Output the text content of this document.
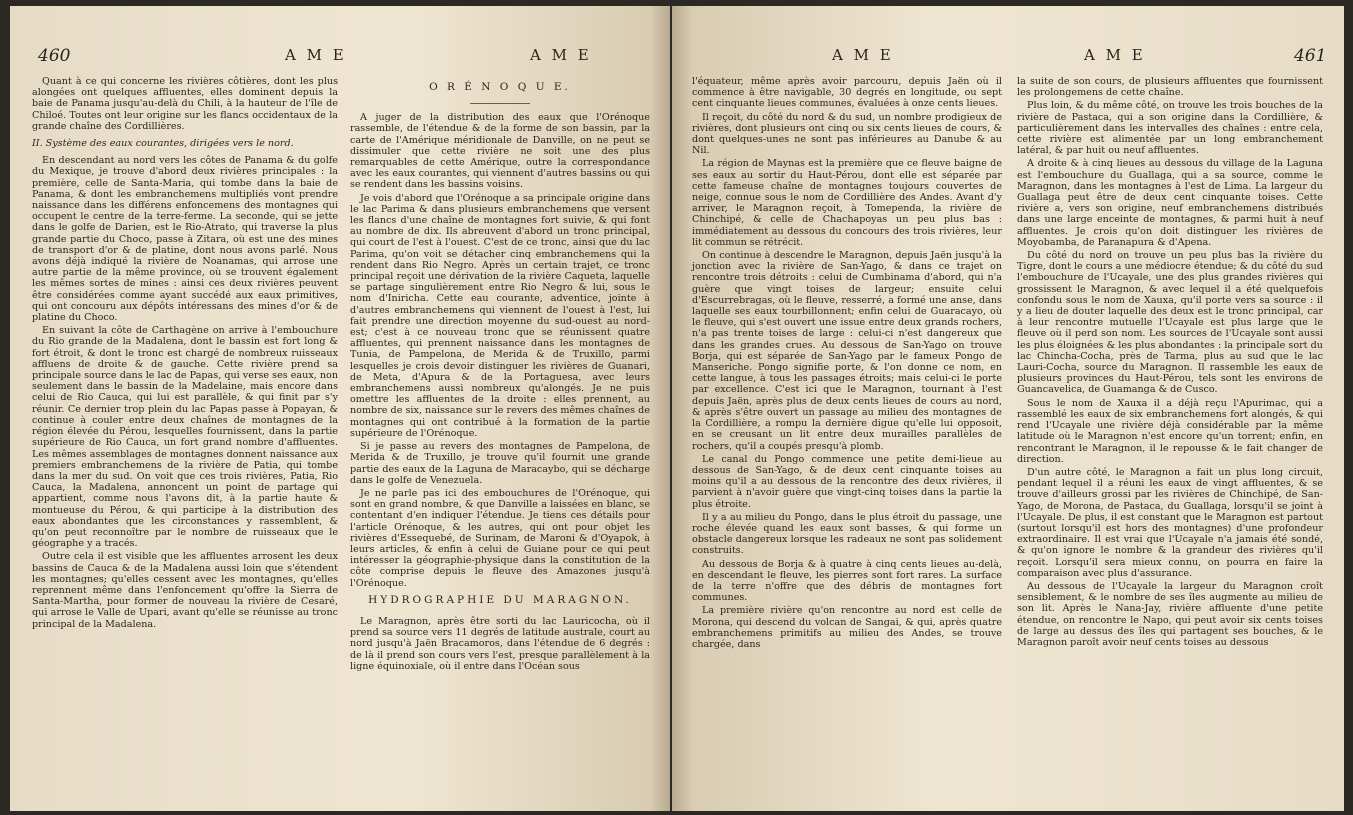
460	A M E	A M E

Quant à ce qui concerne les rivières côtières, dont les plus alongées ont quelques affluentes, elles dominent depuis la baie de Panama jusqu'au-delà du Chili, à la hauteur de l'île de Chiloé. Toutes ont leur origine sur les flancs occidentaux de la grande chaîne des Cordillières.

II. Système des eaux courantes, dirigées vers le nord.

En descendant au nord vers les côtes de Panama & du golfe du Mexique, je trouve d'abord deux rivières principales : la première, celle de Santa-Maria, qui tombe dans la baie de Panama, & dont les embranchemens multipliés vont prendre naissance dans les différens enfoncemens des montagnes qui occupent le centre de la terre-ferme. La seconde, qui se jette dans le golfe de Darien, est le Rio-Atrato, qui traverse la plus grande partie du Choco, passe à Zitara, où est une des mines de transport d'or & de platine, dont nous avons parlé. Nous avons déjà indiqué la rivière de Noanamas, qui arrose une autre partie de la même province, où se trouvent également les mêmes sortes de mines : ainsi ces deux rivières peuvent être considérées comme ayant succédé aux eaux primitives, qui ont concouru aux dépôts intéressans des mines d'or & de platine du Choco.

En suivant la côte de Carthagène on arrive à l'embouchure du Rio grande de la Madalena, dont le bassin est fort long & fort étroit, & dont le tronc est chargé de nombreux ruisseaux affluens de droite & de gauche. Cette rivière prend sa principale source dans le lac de Papas, qui verse ses eaux, non seulement dans le bassin de la Madelaine, mais encore dans celui de Rio Cauca, qui lui est parallèle, & qui finit par s'y réunir. Ce dernier trop plein du lac Papas passe à Popayan, & continue à couler entre deux chaînes de montagnes de la région élevée du Pérou, lesquelles fournissent, dans la partie supérieure de Rio Cauca, un fort grand nombre d'affluentes. Les mêmes assemblages de montagnes donnent naissance aux premiers embranchemens de la rivière de Patia, qui tombe dans la mer du sud. On voit que ces trois rivières, Patia, Rio Cauca, la Madalena, annoncent un point de partage qui appartient, comme nous l'avons dit, à la partie haute & montueuse du Pérou, & qui participe à la distribution des eaux abondantes que les circonstances y rassemblent, & qu'on peut reconnoître par le nombre de ruisseaux que le géographe y a tracés.

Outre cela il est visible que les affluentes arrosent les deux bassins de Cauca & de la Madalena aussi loin que s'étendent les montagnes; qu'elles cessent avec les montagnes, qu'elles reprennent même dans l'enfoncement qu'offre la Sierra de Santa-Martha, pour former de nouveau la rivière de Cesaré, qui arrose le Valle de Upari, avant qu'elle se réunisse au tronc principal de la Madalena.

O R É N O Q U E.

A juger de la distribution des eaux que l'Orénoque rassemble, de l'étendue & de la forme de son bassin, par la carte de l'Amérique méridionale de Danville, on ne peut se dissimuler que cette rivière ne soit une des plus remarquables de cette Amérique, outre la correspondance avec les eaux courantes, qui viennent d'autres bassins ou qui se rendent dans les bassins voisins.

Je vois d'abord que l'Orénoque a sa principale origine dans le lac Parima & dans plusieurs embranchemens que versent les flancs d'une chaîne de montagnes fort suivie, & qui font au nombre de dix. Ils abreuvent d'abord un tronc principal, qui court de l'est à l'ouest. C'est de ce tronc, ainsi que du lac Parima, qu'on voit se détacher cinq embranchemens qui la rendent dans Rio Negro. Après un certain trajet, ce tronc principal reçoit une dérivation de la rivière Caqueta, laquelle se partage singulièrement entre Rio Negro & lui, sous le nom d'Iniricha. Cette eau courante, adventice, jointe à d'autres embranchemens qui viennent de l'ouest à l'est, lui fait prendre une direction moyenne du sud-ouest au nord-est; c'est à ce nouveau tronc que se réunissent quatre affluentes, qui prennent naissance dans les montagnes de Tunia, de Pampelona, de Merida & de Truxillo, parmi lesquelles je crois devoir distinguer les rivières de Guanari, de Meta, d'Apura & de la Portaguesa, avec leurs embranchemens aussi nombreux qu'alongés. Je ne puis omettre les affluentes de la droite : elles prennent, au nombre de six, naissance sur le revers des mêmes chaînes de montagnes qui ont contribué à la formation de la partie supérieure de l'Orénoque.

Si je passe au revers des montagnes de Pampelona, de Merida & de Truxillo, je trouve qu'il fournit une grande partie des eaux de la Laguna de Maracaybo, qui se décharge dans le golfe de Venezuela.

Je ne parle pas ici des embouchures de l'Orénoque, qui sont en grand nombre, & que Danville a laissées en blanc, se contentant d'en indiquer l'étendue. Je tiens ces détails pour l'article Orénoque, & les autres, qui ont pour objet les rivières d'Essequebé, de Surinam, de Maroni & d'Oyapok, à leurs articles, & enfin à celui de Guiane pour ce qui peut intéresser la géographie-physique dans la constitution de la côte comprise depuis le fleuve des Amazones jusqu'à l'Orénoque.

HYDROGRAPHIE DU MARAGNON.

Le Maragnon, après être sorti du lac Lauricocha, où il prend sa source vers 11 degrés de latitude australe, court au nord jusqu'à Jaën Bracamoros, dans l'étendue de 6 degrés : de là il prend son cours vers l'est, presque parallèlement à la ligne équinoxiale, où il entre dans l'Océan sous

A M E	A M E	461

l'équateur, même après avoir parcouru, depuis Jaën où il commence à être navigable, 30 degrés en longitude, ou sept cent cinquante lieues communes, évaluées à onze cents lieues.

Il reçoit, du côté du nord & du sud, un nombre prodigieux de rivières, dont plusieurs ont cinq ou six cents lieues de cours, & dont quelques-unes ne sont pas inférieures au Danube & au Nil.

La région de Maynas est la première que ce fleuve baigne de ses eaux au sortir du Haut-Pérou, dont elle est séparée par cette fameuse chaîne de montagnes toujours couvertes de neige, connue sous le nom de Cordillière des Andes. Avant d'y arriver, le Maragnon reçoit, à Tomependa, la rivière de Chinchipé, & celle de Chachapoyas un peu plus bas : immédiatement au dessous du concours des trois rivières, leur lit commun se rétrécit.

On continue à descendre le Maragnon, depuis Jaën jusqu'à la jonction avec la rivière de San-Yago, & dans ce trajet on rencontre trois détroits : celui de Cumbinama d'abord, qui n'a guère que vingt toises de largeur; ensuite celui d'Escurrebragas, où le fleuve, resserré, a formé une anse, dans laquelle ses eaux tourbillonnent; enfin celui de Guaracayo, où le fleuve, qui s'est ouvert une issue entre deux grands rochers, n'a pas trente toises de large : celui-ci n'est dangereux que dans les grandes crues. Au dessous de San-Yago on trouve Borja, qui est séparée de San-Yago par le fameux Pongo de Manseriche. Pongo signifie porte, & l'on donne ce nom, en cette langue, à tous les passages étroits; mais celui-ci le porte par excellence. C'est ici que le Maragnon, tournant à l'est depuis Jaën, après plus de deux cents lieues de cours au nord, & après s'être ouvert un passage au milieu des montagnes de la Cordillière, a rompu la dernière digue qu'elle lui opposoit, en se creusant un lit entre deux murailles parallèles de rochers, qu'il a coupés presqu'à plomb.

Le canal du Pongo commence une petite demi-lieue au dessous de San-Yago, & de deux cent cinquante toises au moins qu'il a au dessous de la rencontre des deux rivières, il parvient à n'avoir guère que vingt-cinq toises dans la partie la plus étroite.

Il y a au milieu du Pongo, dans le plus étroit du passage, une roche élevée quand les eaux sont basses, & qui forme un obstacle dangereux lorsque les radeaux ne sont pas solidement construits.

Au dessous de Borja & à quatre à cinq cents lieues au-delà, en descendant le fleuve, les pierres sont fort rares. La surface de la terre n'offre que des débris de montagnes fort communes.

La première rivière qu'on rencontre au nord est celle de Morona, qui descend du volcan de Sangai, & qui, après quatre embranchemens primitifs au milieu des Andes, se trouve chargée, dans

la suite de son cours, de plusieurs affluentes que fournissent les prolongemens de cette chaîne.

Plus loin, & du même côté, on trouve les trois bouches de la rivière de Pastaca, qui a son origine dans la Cordillière, & particulièrement dans les intervalles des chaînes : entre cela, cette rivière est alimentée par un long embranchement latéral, & par huit ou neuf affluentes.

A droite & à cinq lieues au dessous du village de la Laguna est l'embouchure du Guallaga, qui a sa source, comme le Maragnon, dans les montagnes à l'est de Lima. La largeur du Guallaga peut être de deux cent cinquante toises. Cette rivière a, vers son origine, neuf embranchemens distribués dans une large enceinte de montagnes, & parmi huit à neuf affluentes. Je crois qu'on doit distinguer les rivières de Moyobamba, de Paranapura & d'Apena.

Du côté du nord on trouve un peu plus bas la rivière du Tigre, dont le cours a une médiocre étendue; & du côté du sud l'embouchure de l'Ucayale, une des plus grandes rivières qui grossissent le Maragnon, & avec lequel il a été quelquefois confondu sous le nom de Xauxa, qu'il porte vers sa source : il y a lieu de douter laquelle des deux est le tronc principal, car à leur rencontre mutuelle l'Ucayale est plus large que le fleuve où il perd son nom. Les sources de l'Ucayale sont aussi les plus éloignées & les plus abondantes : la principale sort du lac Chincha-Cocha, près de Tarma, plus au sud que le lac Lauri-Cocha, source du Maragnon. Il rassemble les eaux de plusieurs provinces du Haut-Pérou, tels sont les environs de Guancavelica, de Guamanga & de Cusco.

Sous le nom de Xauxa il a déjà reçu l'Apurimac, qui a rassemblé les eaux de six embranchemens fort alongés, & qui rend l'Ucayale une rivière déjà considérable par la même latitude où le Maragnon n'est encore qu'un torrent; enfin, en rencontrant le Maragnon, il le repousse & le fait changer de direction.

D'un autre côté, le Maragnon a fait un plus long circuit, pendant lequel il a réuni les eaux de vingt affluentes, & se trouve d'ailleurs grossi par les rivières de Chinchipé, de San-Yago, de Morona, de Pastaca, du Guallaga, lorsqu'il se joint à l'Ucayale. De plus, il est constant que le Maragnon est partout (surtout lorsqu'il est hors des montagnes) d'une profondeur extraordinaire. Il est vrai que l'Ucayale n'a jamais été sondé, & qu'on ignore le nombre & la grandeur des rivières qu'il reçoit. Lorsqu'il sera mieux connu, on pourra en faire la comparaison avec plus d'assurance.

Au dessous de l'Ucayale la largeur du Maragnon croît sensiblement, & le nombre de ses îles augmente au milieu de son lit. Après le Nana-Jay, rivière affluente d'une petite étendue, on rencontre le Napo, qui peut avoir six cents toises de large au dessus des îles qui partagent ses bouches, & le Maragnon paroît avoir neuf cents toises au dessous
